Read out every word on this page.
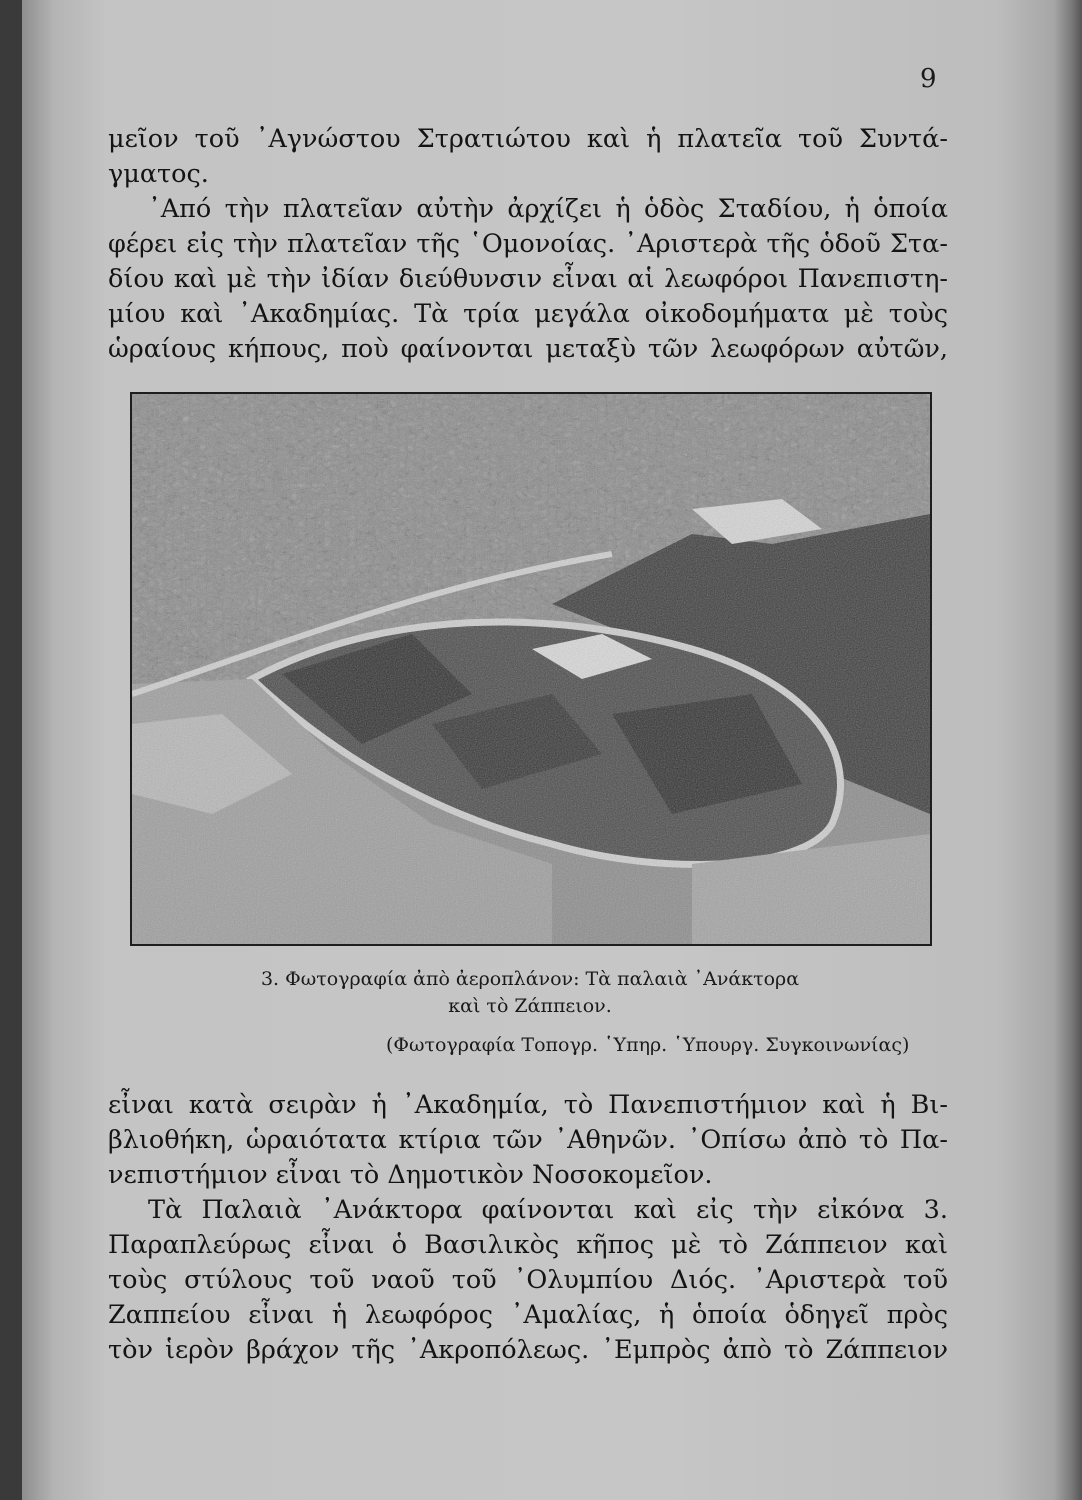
9
μεῖον τοῦ ᾿Αγνώστου Στρατιώτου καὶ ἡ πλατεῖα τοῦ Συντά-
γματος.
᾿Από τὴν πλατεῖαν αὐτὴν ἀρχίζει ἡ ὁδὸς Σταδίου, ἡ ὁποία
φέρει εἰς τὴν πλατεῖαν τῆς ῾Ομονοίας. ᾿Αριστερὰ τῆς ὁδοῦ Στα-
δίου καὶ μὲ τὴν ἰδίαν διεύθυνσιν εἶναι αἱ λεωφόροι Πανεπιστη-
μίου καὶ ᾿Ακαδημίας. Τὰ τρία μεγάλα οἰκοδομήματα μὲ τοὺς
ὡραίους κήπους, ποὺ φαίνονται μεταξὺ τῶν λεωφόρων αὐτῶν,
3. Φωτογραφία ἀπὸ ἀεροπλάνον: Τὰ παλαιὰ ᾿Ανάκτορα
καὶ τὸ Ζάππειον.
(Φωτογραφία Τοπογρ. ῾Υπηρ. ῾Υπουργ. Συγκοινωνίας)
εἶναι κατὰ σειρὰν ἡ ᾿Ακαδημία, τὸ Πανεπιστήμιον καὶ ἡ Βι-
βλιοθήκη, ὡραιότατα κτίρια τῶν ᾿Αθηνῶν. ᾿Οπίσω ἀπὸ τὸ Πα-
νεπιστήμιον εἶναι τὸ Δημοτικὸν Νοσοκομεῖον.
Τὰ Παλαιὰ ᾿Ανάκτορα φαίνονται καὶ εἰς τὴν εἰκόνα 3.
Παραπλεύρως εἶναι ὁ Βασιλικὸς κῆπος μὲ τὸ Ζάππειον καὶ
τοὺς στύλους τοῦ ναοῦ τοῦ ᾿Ολυμπίου Διός. ᾿Αριστερὰ τοῦ
Ζαππείου εἶναι ἡ λεωφόρος ᾿Αμαλίας, ἡ ὁποία ὁδηγεῖ πρὸς
τὸν ἱερὸν βράχον τῆς ᾿Ακροπόλεως. ᾿Εμπρὸς ἀπὸ τὸ Ζάππειον
